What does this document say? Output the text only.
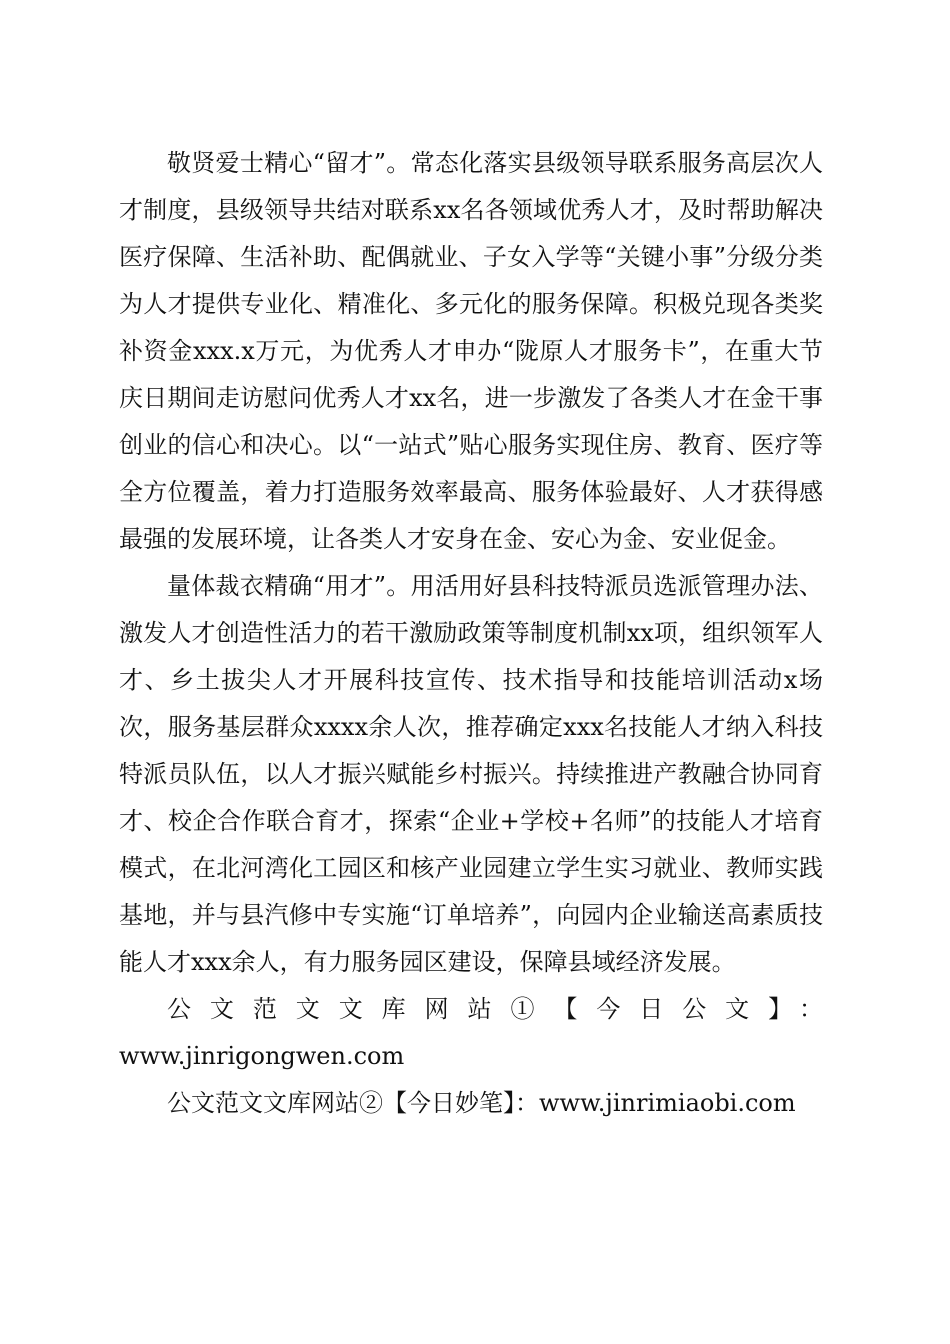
敬贤爱士精心“留才”。常态化落实县级领导联系服务高层次人才制度，县级领导共结对联系xx名各领域优秀人才，及时帮助解决医疗保障、生活补助、配偶就业、子女入学等“关键小事”分级分类为人才提供专业化、精准化、多元化的服务保障。积极兑现各类奖补资金xxx.x万元，为优秀人才申办“陇原人才服务卡”，在重大节庆日期间走访慰问优秀人才xx名，进一步激发了各类人才在金干事创业的信心和决心。以“一站式”贴心服务实现住房、教育、医疗等全方位覆盖，着力打造服务效率最高、服务体验最好、人才获得感最强的发展环境，让各类人才安身在金、安心为金、安业促金。

量体裁衣精确“用才”。用活用好县科技特派员选派管理办法、激发人才创造性活力的若干激励政策等制度机制xx项，组织领军人才、乡土拔尖人才开展科技宣传、技术指导和技能培训活动x场次，服务基层群众xxxx余人次，推荐确定xxx名技能人才纳入科技特派员队伍，以人才振兴赋能乡村振兴。持续推进产教融合协同育才、校企合作联合育才，探索“企业+学校+名师”的技能人才培育模式，在北河湾化工园区和核产业园建立学生实习就业、教师实践基地，并与县汽修中专实施“订单培养”，向园内企业输送高素质技能人才xxx余人，有力服务园区建设，保障县域经济发展。

公文范文文库网站①【今日公文】：www.jinrigongwen.com

公文范文文库网站②【今日妙笔】：www.jinrimiaobi.com
